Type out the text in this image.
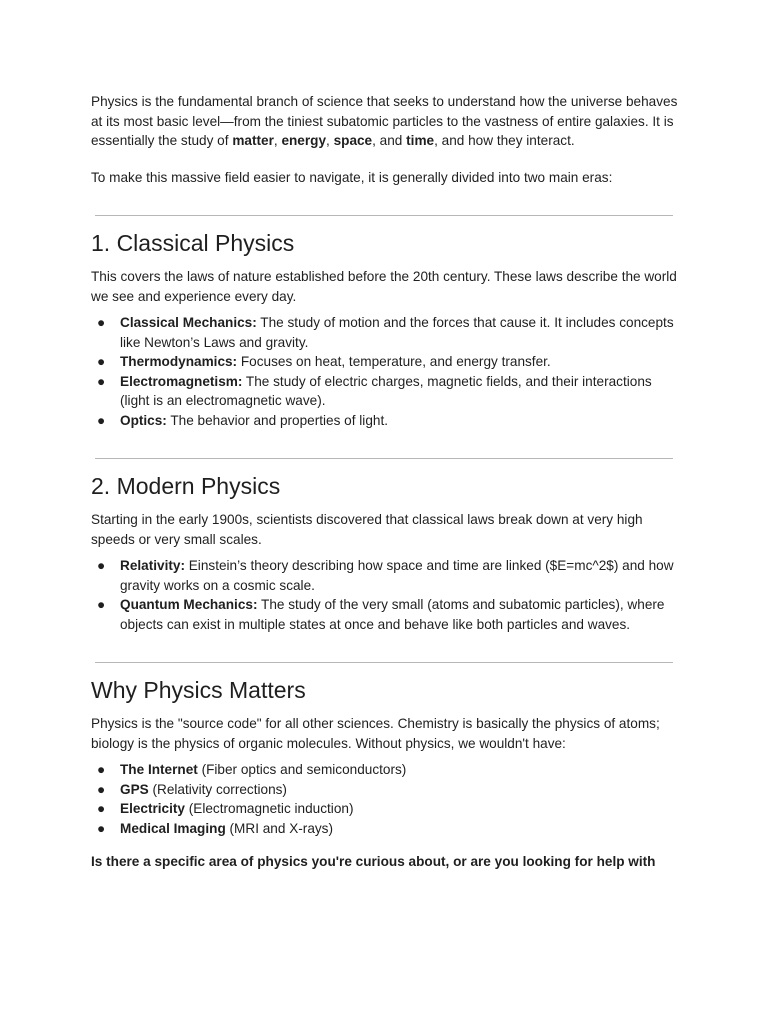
Physics is the fundamental branch of science that seeks to understand how the universe behaves at its most basic level—from the tiniest subatomic particles to the vastness of entire galaxies. It is essentially the study of matter, energy, space, and time, and how they interact.

To make this massive field easier to navigate, it is generally divided into two main eras:

1. Classical Physics

This covers the laws of nature established before the 20th century. These laws describe the world we see and experience every day.

● Classical Mechanics: The study of motion and the forces that cause it. It includes concepts like Newton’s Laws and gravity.
● Thermodynamics: Focuses on heat, temperature, and energy transfer.
● Electromagnetism: The study of electric charges, magnetic fields, and their interactions (light is an electromagnetic wave).
● Optics: The behavior and properties of light.
2. Modern Physics

Starting in the early 1900s, scientists discovered that classical laws break down at very high speeds or very small scales.

● Relativity: Einstein’s theory describing how space and time are linked ($E=mc^2$) and how gravity works on a cosmic scale.
● Quantum Mechanics: The study of the very small (atoms and subatomic particles), where objects can exist in multiple states at once and behave like both particles and waves.
Why Physics Matters

Physics is the "source code" for all other sciences. Chemistry is basically the physics of atoms; biology is the physics of organic molecules. Without physics, we wouldn't have:

● The Internet (Fiber optics and semiconductors)
● GPS (Relativity corrections)
● Electricity (Electromagnetic induction)
● Medical Imaging (MRI and X-rays)

Is there a specific area of physics you're curious about, or are you looking for help with
